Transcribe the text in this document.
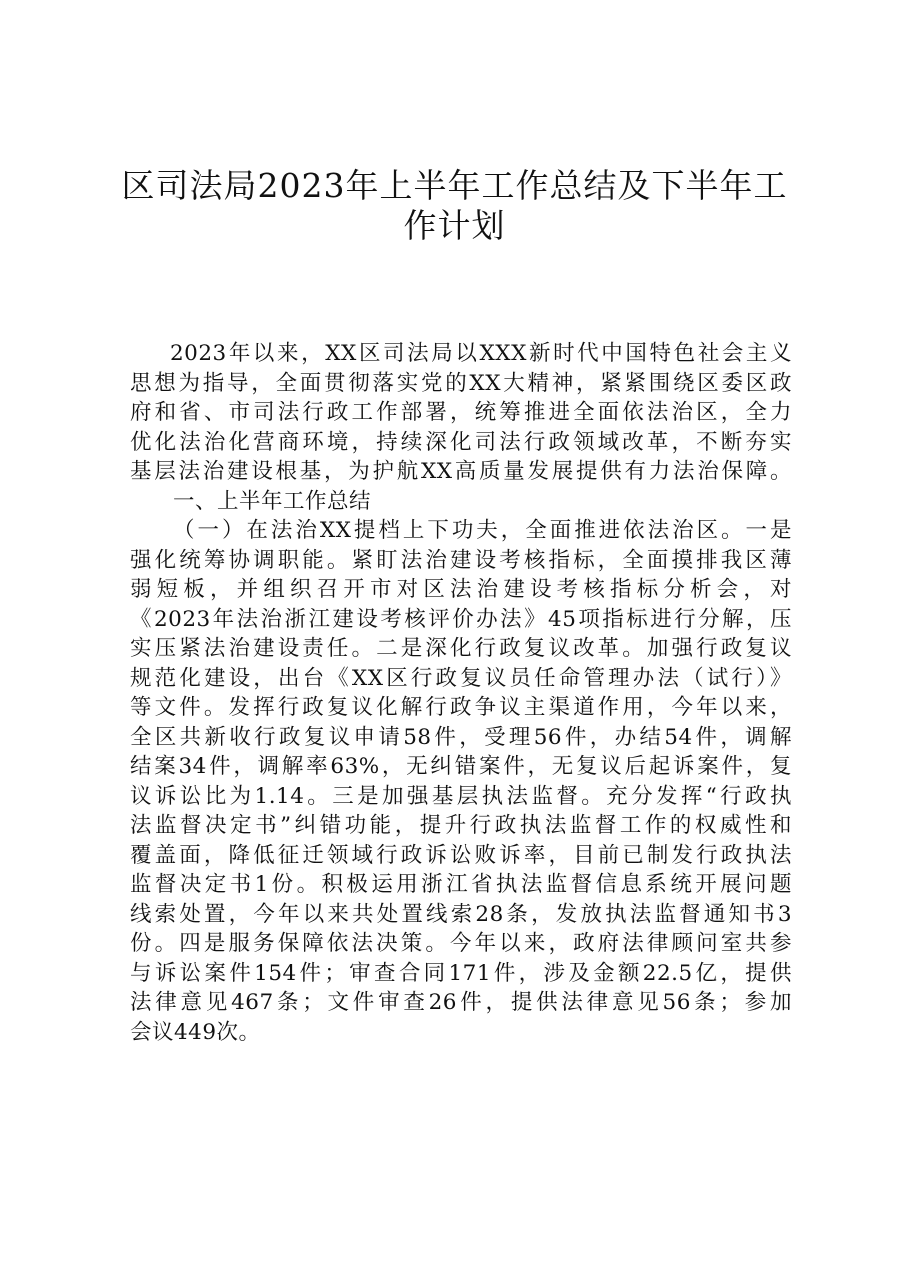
区司法局2023年上半年工作总结及下半年工
作计划
2023年以来，XX区司法局以XXX新时代中国特色社会主义
思想为指导，全面贯彻落实党的XX大精神，紧紧围绕区委区政
府和省、市司法行政工作部署，统筹推进全面依法治区，全力
优化法治化营商环境，持续深化司法行政领域改革，不断夯实
基层法治建设根基，为护航XX高质量发展提供有力法治保障。
一、上半年工作总结
（一）在法治XX提档上下功夫，全面推进依法治区。一是
强化统筹协调职能。紧盯法治建设考核指标，全面摸排我区薄
弱短板，并组织召开市对区法治建设考核指标分析会，对
《2023年法治浙江建设考核评价办法》45项指标进行分解，压
实压紧法治建设责任。二是深化行政复议改革。加强行政复议
规范化建设，出台《XX区行政复议员任命管理办法（试行）》
等文件。发挥行政复议化解行政争议主渠道作用，今年以来，
全区共新收行政复议申请58件，受理56件，办结54件，调解
结案34件，调解率63%，无纠错案件，无复议后起诉案件，复
议诉讼比为1.14。三是加强基层执法监督。充分发挥“行政执
法监督决定书”纠错功能，提升行政执法监督工作的权威性和
覆盖面，降低征迁领域行政诉讼败诉率，目前已制发行政执法
监督决定书1份。积极运用浙江省执法监督信息系统开展问题
线索处置，今年以来共处置线索28条，发放执法监督通知书3
份。四是服务保障依法决策。今年以来，政府法律顾问室共参
与诉讼案件154件；审查合同171件，涉及金额22.5亿，提供
法律意见467条；文件审查26件，提供法律意见56条；参加
会议449次。
